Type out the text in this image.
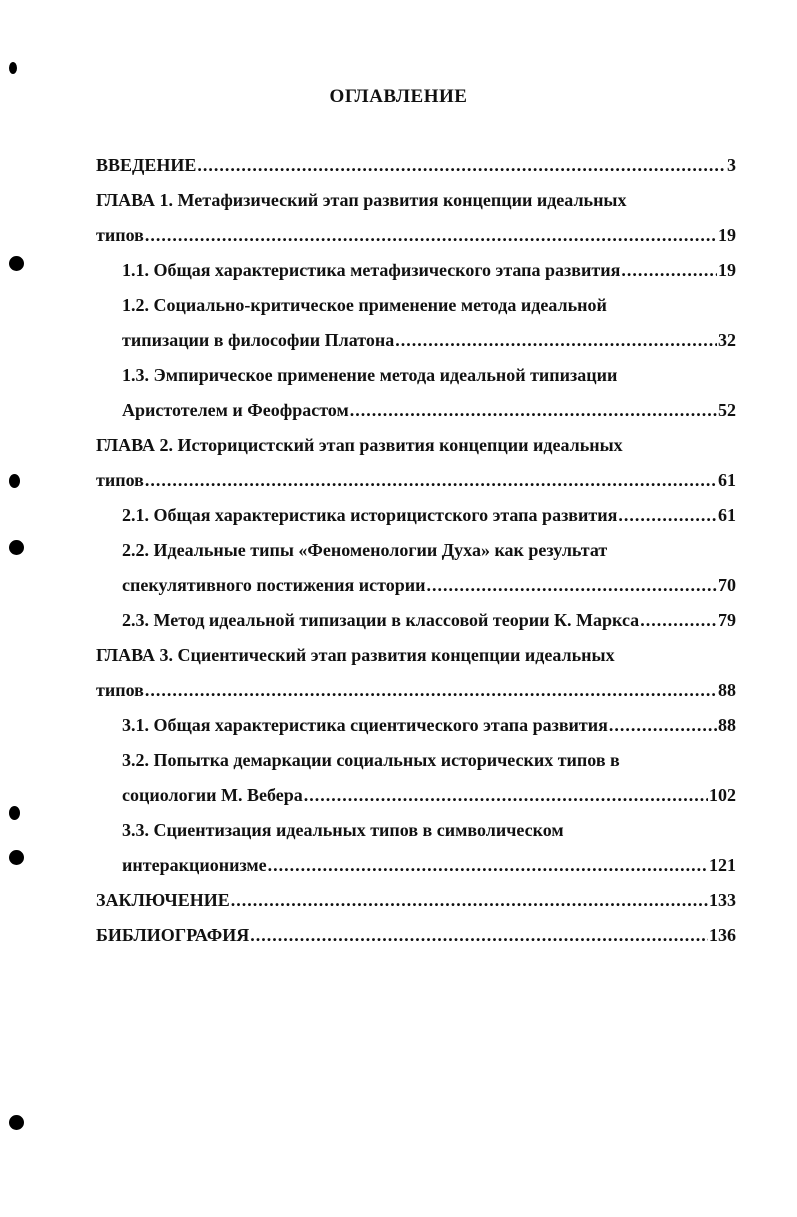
ОГЛАВЛЕНИЕ
ВВЕДЕНИЕ .....	3
ГЛАВА 1. Метафизический этап развития концепции идеальных
типов .....	19
1.1. Общая характеристика метафизического этапа развития .....	19
1.2. Социально-критическое применение метода идеальной
типизации в философии Платона .....	32
1.3. Эмпирическое применение метода идеальной типизации
Аристотелем и Феофрастом .....	52
ГЛАВА 2. Историцистский этап развития концепции идеальных
типов .....	61
2.1. Общая характеристика историцистского этапа развития .....	61
2.2. Идеальные типы «Феноменологии Духа» как результат
спекулятивного постижения истории .....	70
2.3. Метод идеальной типизации в классовой теории К. Маркса .....	79
ГЛАВА 3. Сциентический этап развития концепции идеальных
типов .....	88
3.1. Общая характеристика сциентического этапа развития .....	88
3.2. Попытка демаркации социальных исторических типов в
социологии М. Вебера .....	102
3.3. Сциентизация идеальных типов в символическом
интеракционизме .....	121
ЗАКЛЮЧЕНИЕ .....	133
БИБЛИОГРАФИЯ .....	136
